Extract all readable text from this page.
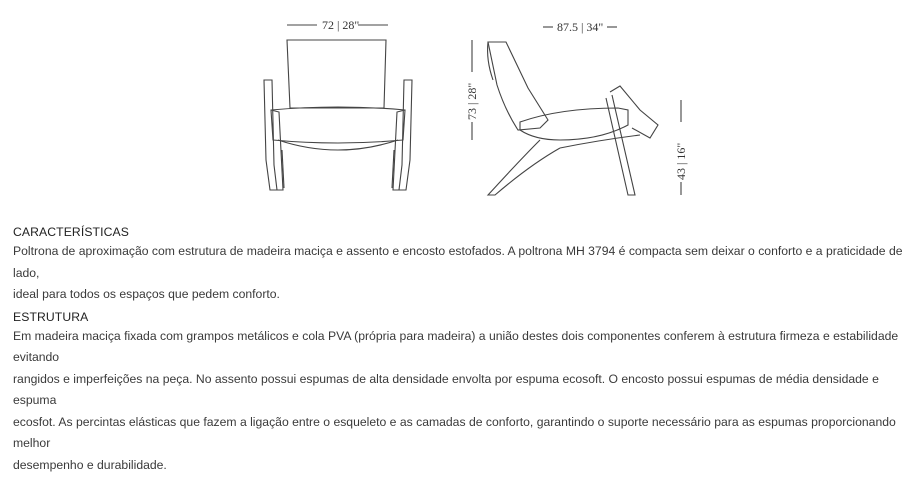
72 | 28"	87.5 | 34"
73 | 28"
43 | 16"
CARACTERÍSTICAS
Poltrona de aproximação com estrutura de madeira maciça e assento e encosto estofados. A poltrona MH 3794 é compacta sem deixar o conforto e a praticidade de lado,
ideal para todos os espaços que pedem conforto.
ESTRUTURA
Em madeira maciça fixada com grampos metálicos e cola PVA (própria para madeira) a união destes dois componentes conferem à estrutura firmeza e estabilidade evitando
rangidos e imperfeições na peça. No assento possui espumas de alta densidade envolta por espuma ecosoft. O encosto possui espumas de média densidade e espuma
ecosfot. As percintas elásticas que fazem a ligação entre o esqueleto e as camadas de conforto, garantindo o suporte necessário para as espumas proporcionando melhor
desempenho e durabilidade.
